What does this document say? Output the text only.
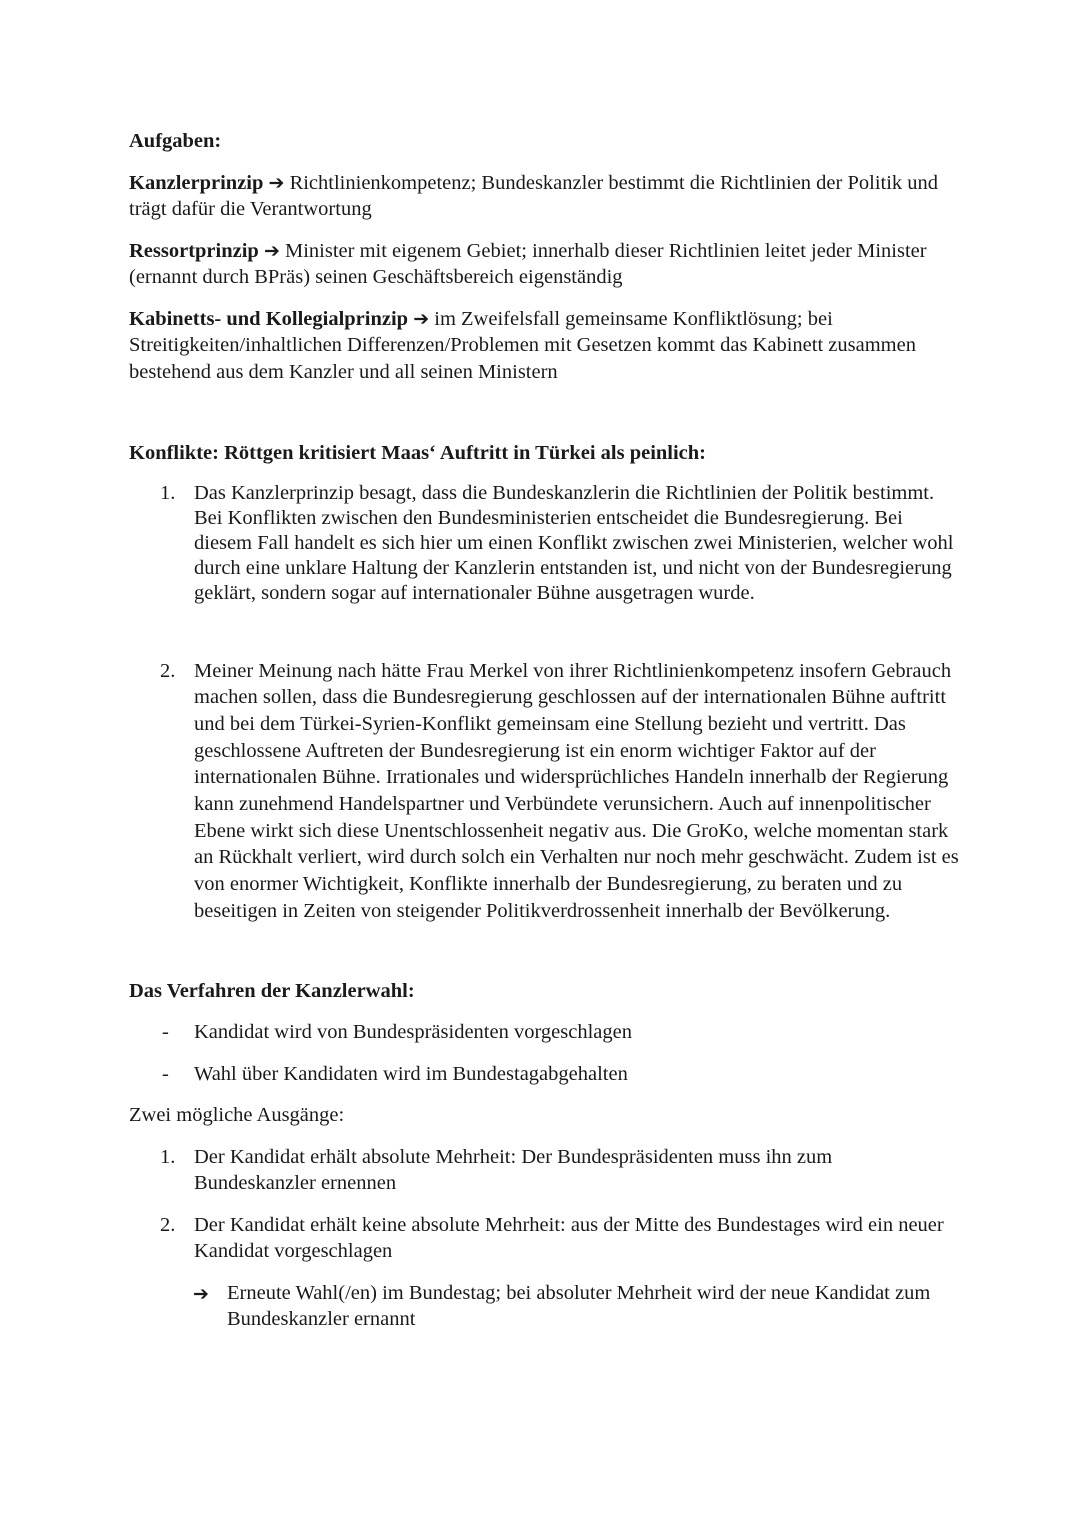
Aufgaben:

Kanzlerprinzip ➔ Richtlinienkompetenz; Bundeskanzler bestimmt die Richtlinien der Politik und trägt dafür die Verantwortung

Ressortprinzip ➔ Minister mit eigenem Gebiet; innerhalb dieser Richtlinien leitet jeder Minister (ernannt durch BPräs) seinen Geschäftsbereich eigenständig

Kabinetts- und Kollegialprinzip ➔ im Zweifelsfall gemeinsame Konfliktlösung; bei Streitigkeiten/inhaltlichen Differenzen/Problemen mit Gesetzen kommt das Kabinett zusammen bestehend aus dem Kanzler und all seinen Ministern

Konflikte: Röttgen kritisiert Maas‘ Auftritt in Türkei als peinlich:

1. Das Kanzlerprinzip besagt, dass die Bundeskanzlerin die Richtlinien der Politik bestimmt. Bei Konflikten zwischen den Bundesministerien entscheidet die Bundesregierung. Bei diesem Fall handelt es sich hier um einen Konflikt zwischen zwei Ministerien, welcher wohl durch eine unklare Haltung der Kanzlerin entstanden ist, und nicht von der Bundesregierung geklärt, sondern sogar auf internationaler Bühne ausgetragen wurde.
2. Meiner Meinung nach hätte Frau Merkel von ihrer Richtlinienkompetenz insofern Gebrauch machen sollen, dass die Bundesregierung geschlossen auf der internationalen Bühne auftritt und bei dem Türkei-Syrien-Konflikt gemeinsam eine Stellung bezieht und vertritt. Das geschlossene Auftreten der Bundesregierung ist ein enorm wichtiger Faktor auf der internationalen Bühne. Irrationales und widersprüchliches Handeln innerhalb der Regierung kann zunehmend Handelspartner und Verbündete verunsichern. Auch auf innenpolitischer Ebene wirkt sich diese Unentschlossenheit negativ aus. Die GroKo, welche momentan stark an Rückhalt verliert, wird durch solch ein Verhalten nur noch mehr geschwächt. Zudem ist es von enormer Wichtigkeit, Konflikte innerhalb der Bundesregierung, zu beraten und zu beseitigen in Zeiten von steigender Politikverdrossenheit innerhalb der Bevölkerung.

Das Verfahren der Kanzlerwahl:

- Kandidat wird von Bundespräsidenten vorgeschlagen
- Wahl über Kandidaten wird im Bundestagabgehalten

Zwei mögliche Ausgänge:

1. Der Kandidat erhält absolute Mehrheit: Der Bundespräsidenten muss ihn zum Bundeskanzler ernennen
2. Der Kandidat erhält keine absolute Mehrheit: aus der Mitte des Bundestages wird ein neuer Kandidat vorgeschlagen
➔ Erneute Wahl(/en) im Bundestag; bei absoluter Mehrheit wird der neue Kandidat zum Bundeskanzler ernannt
